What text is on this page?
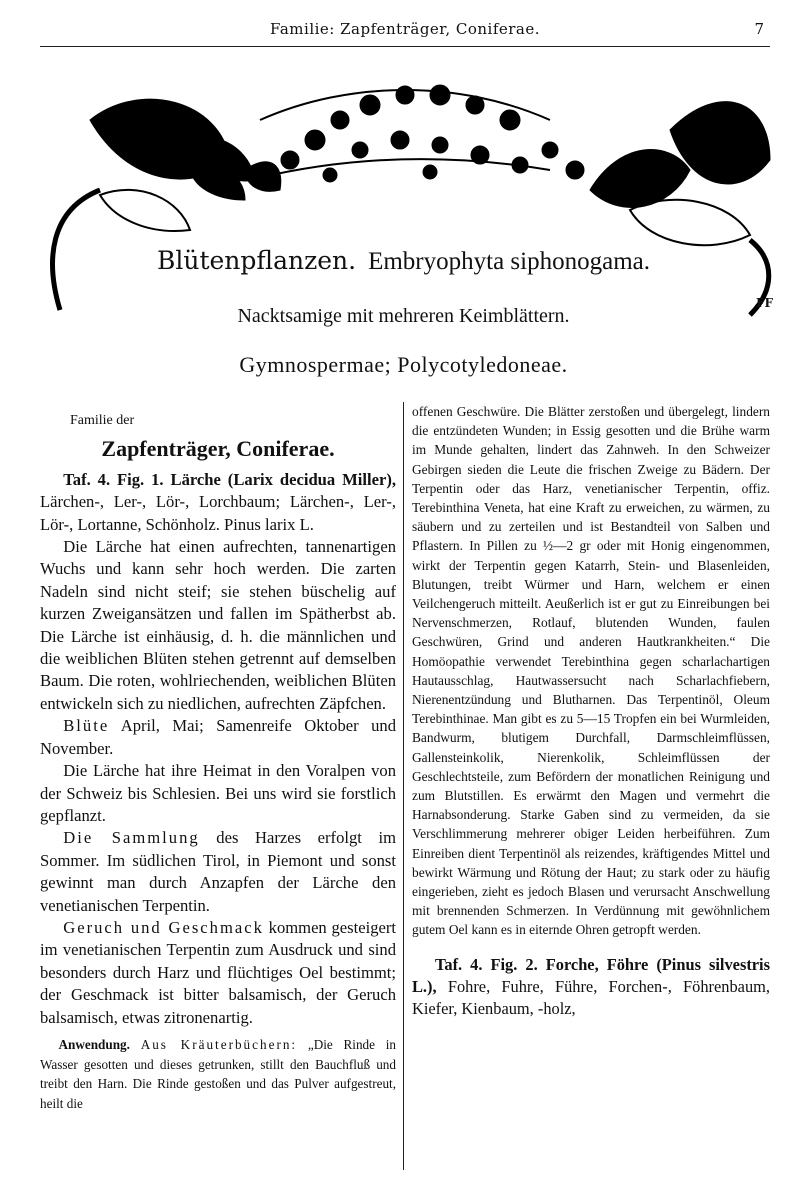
Familie: Zapfenträger, Coniferae.	7
Blütenpflanzen. Embryophyta siphonogama.
Nacktsamige mit mehreren Keimblättern.
Gymnospermae; Polycotyledoneae.
FF
Familie der
Zapfenträger, Coniferae.

Taf. 4. Fig. 1. Lärche (Larix decidua Miller), Lärchen-, Ler-, Lör-, Lorchbaum; Lärchen-, Ler-, Lör-, Lortanne, Schönholz. Pinus larix L.

Die Lärche hat einen aufrechten, tannenartigen Wuchs und kann sehr hoch werden. Die zarten Nadeln sind nicht steif; sie stehen büschelig auf kurzen Zweigansätzen und fallen im Spätherbst ab. Die Lärche ist einhäusig, d. h. die männlichen und die weiblichen Blüten stehen getrennt auf demselben Baum. Die roten, wohlriechenden, weiblichen Blüten entwickeln sich zu niedlichen, aufrechten Zäpfchen.

Blüte April, Mai; Samenreife Oktober und November.

Die Lärche hat ihre Heimat in den Voralpen von der Schweiz bis Schlesien. Bei uns wird sie forstlich gepflanzt.

Die Sammlung des Harzes erfolgt im Sommer. Im südlichen Tirol, in Piemont und sonst gewinnt man durch Anzapfen der Lärche den venetianischen Terpentin.

Geruch und Geschmack kommen gesteigert im venetianischen Terpentin zum Ausdruck und sind besonders durch Harz und flüchtiges Oel bestimmt; der Geschmack ist bitter balsamisch, der Geruch balsamisch, etwas zitronenartig.

Anwendung. Aus Kräuterbüchern: „Die Rinde in Wasser gesotten und dieses getrunken, stillt den Bauchfluß und treibt den Harn. Die Rinde gestoßen und das Pulver aufgestreut, heilt die

offenen Geschwüre. Die Blätter zerstoßen und übergelegt, lindern die entzündeten Wunden; in Essig gesotten und die Brühe warm im Munde gehalten, lindert das Zahnweh. In den Schweizer Gebirgen sieden die Leute die frischen Zweige zu Bädern. Der Terpentin oder das Harz, venetianischer Terpentin, offiz. Terebinthina Veneta, hat eine Kraft zu erweichen, zu wärmen, zu säubern und zu zerteilen und ist Bestandteil von Salben und Pflastern. In Pillen zu ½—2 gr oder mit Honig eingenommen, wirkt der Terpentin gegen Katarrh, Stein- und Blasenleiden, Blutungen, treibt Würmer und Harn, welchem er einen Veilchengeruch mitteilt. Aeußerlich ist er gut zu Einreibungen bei Nervenschmerzen, Rotlauf, blutenden Wunden, faulen Geschwüren, Grind und anderen Hautkrankheiten.“ Die Homöopathie verwendet Terebinthina gegen scharlachartigen Hautausschlag, Hautwassersucht nach Scharlachfiebern, Nierenentzündung und Blutharnen. Das Terpentinöl, Oleum Terebinthinae. Man gibt es zu 5—15 Tropfen ein bei Wurmleiden, Bandwurm, blutigem Durchfall, Darmschleimflüssen, Gallensteinkolik, Nierenkolik, Schleimflüssen der Geschlechtsteile, zum Befördern der monatlichen Reinigung und zum Blutstillen. Es erwärmt den Magen und vermehrt die Harnabsonderung. Starke Gaben sind zu vermeiden, da sie Verschlimmerung mehrerer obiger Leiden herbeiführen. Zum Einreiben dient Terpentinöl als reizendes, kräftigendes Mittel und bewirkt Wärmung und Rötung der Haut; zu stark oder zu häufig eingerieben, zieht es jedoch Blasen und verursacht Anschwellung mit brennenden Schmerzen. In Verdünnung mit gewöhnlichem gutem Oel kann es in eiternde Ohren getropft werden.

Taf. 4. Fig. 2. Forche, Föhre (Pinus silvestris L.), Fohre, Fuhre, Führe, Forchen-, Föhrenbaum, Kiefer, Kienbaum, -holz,
